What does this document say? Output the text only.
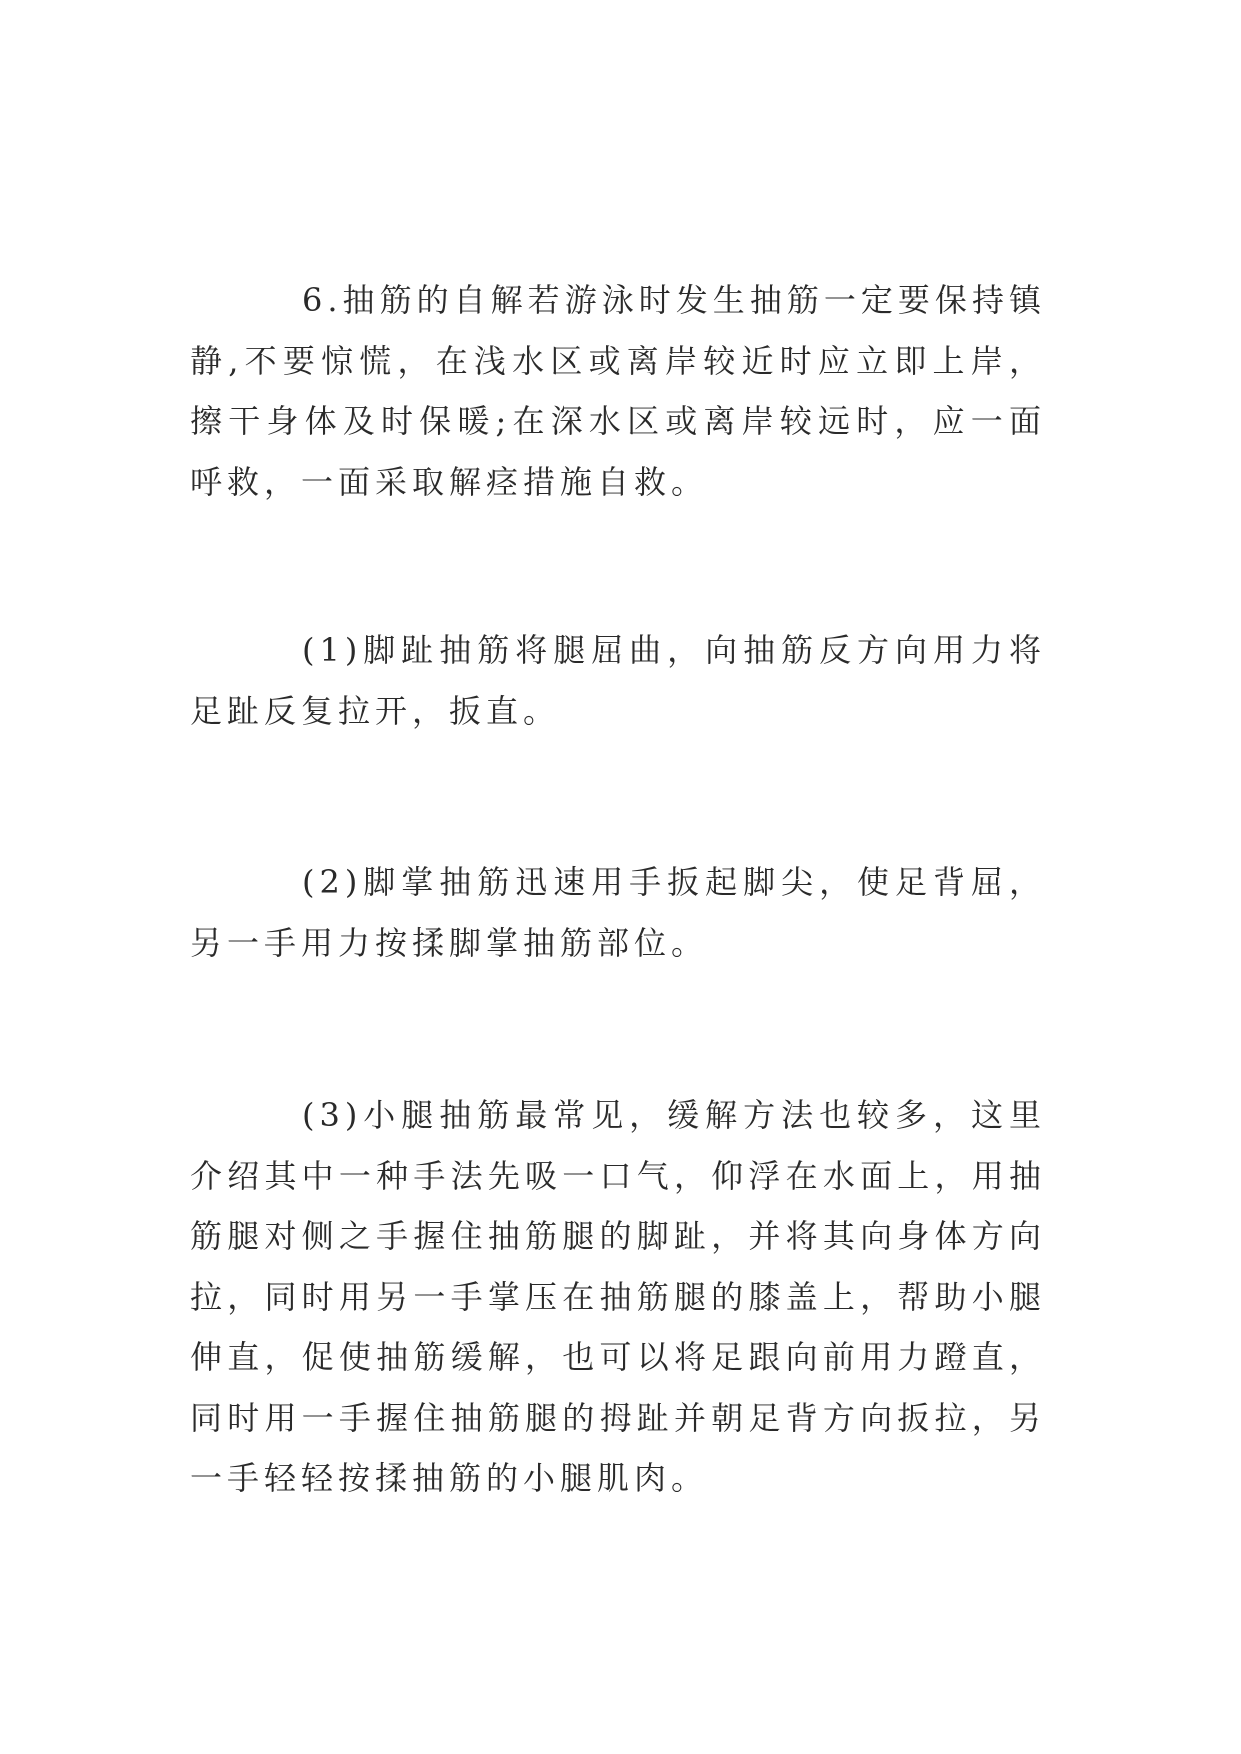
6.抽筋的自解若游泳时发生抽筋一定要保持镇静,不要惊慌，在浅水区或离岸较近时应立即上岸，擦干身体及时保暖;在深水区或离岸较远时，应一面呼救，一面采取解痉措施自救。

(1)脚趾抽筋将腿屈曲，向抽筋反方向用力将足趾反复拉开，扳直。

(2)脚掌抽筋迅速用手扳起脚尖，使足背屈，另一手用力按揉脚掌抽筋部位。

(3)小腿抽筋最常见，缓解方法也较多，这里介绍其中一种手法先吸一口气，仰浮在水面上，用抽筋腿对侧之手握住抽筋腿的脚趾，并将其向身体方向拉，同时用另一手掌压在抽筋腿的膝盖上，帮助小腿伸直，促使抽筋缓解，也可以将足跟向前用力蹬直，同时用一手握住抽筋腿的拇趾并朝足背方向扳拉，另一手轻轻按揉抽筋的小腿肌肉。
